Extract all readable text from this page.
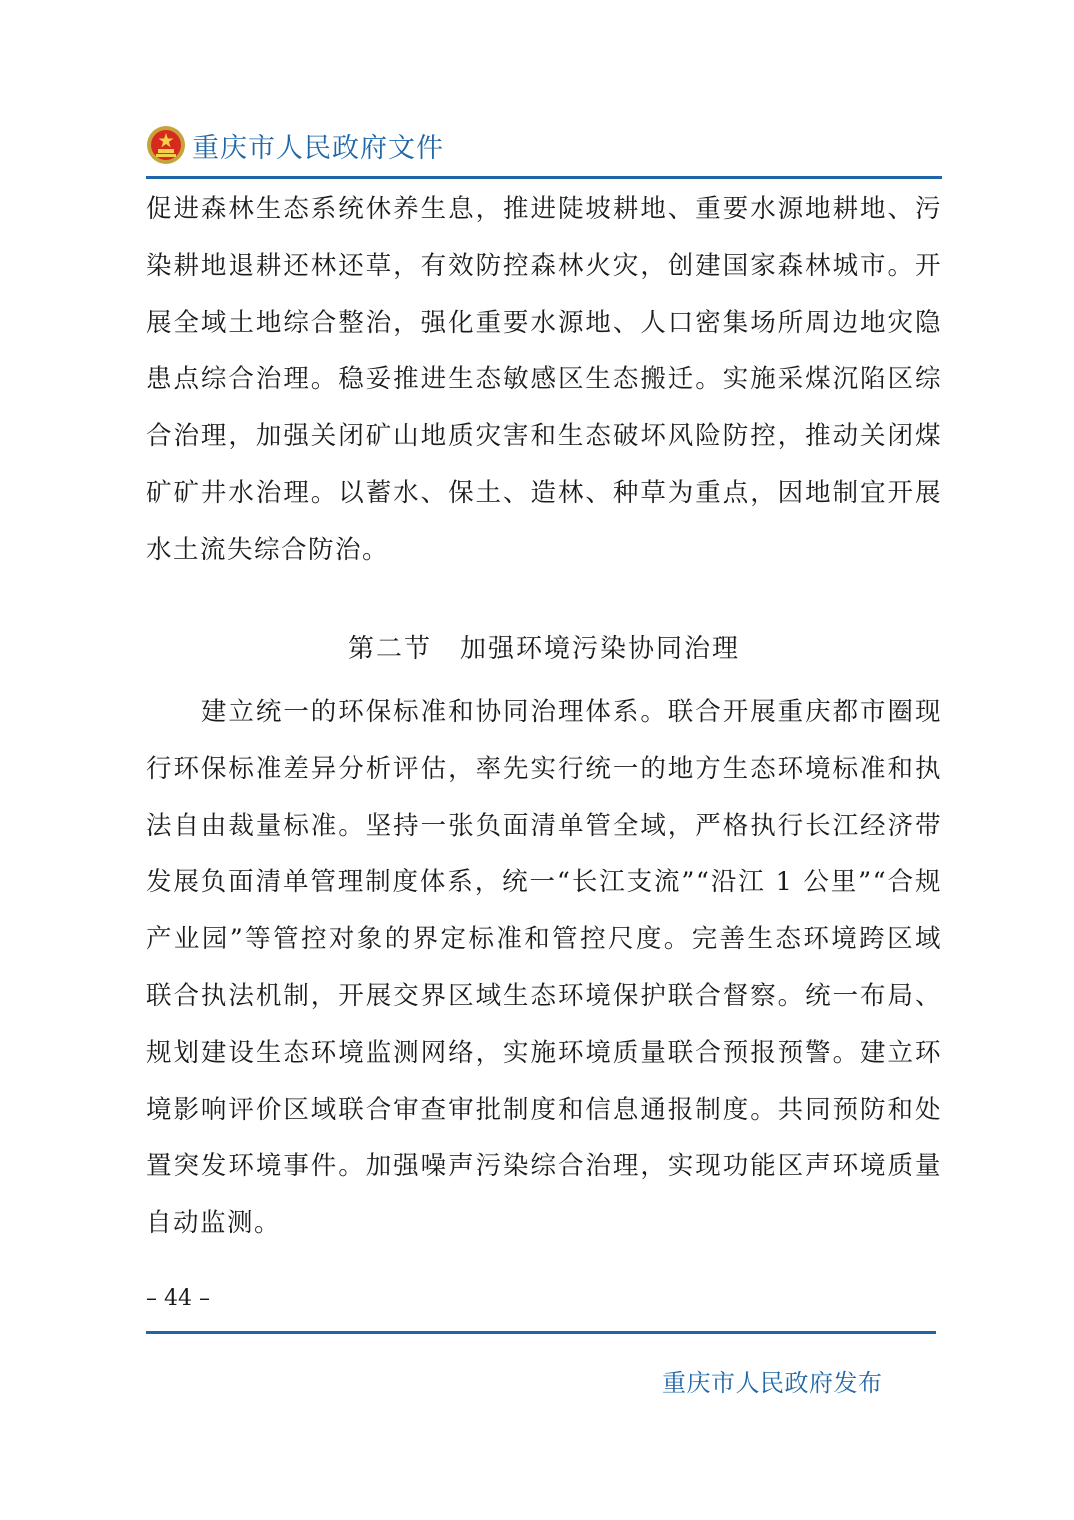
重庆市人民政府文件

促进森林生态系统休养生息，推进陡坡耕地、重要水源地耕地、污染耕地退耕还林还草，有效防控森林火灾，创建国家森林城市。开展全域土地综合整治，强化重要水源地、人口密集场所周边地灾隐患点综合治理。稳妥推进生态敏感区生态搬迁。实施采煤沉陷区综合治理，加强关闭矿山地质灾害和生态破坏风险防控，推动关闭煤矿矿井水治理。以蓄水、保土、造林、种草为重点，因地制宜开展水土流失综合防治。

第二节　加强环境污染协同治理

　　建立统一的环保标准和协同治理体系。联合开展重庆都市圈现行环保标准差异分析评估，率先实行统一的地方生态环境标准和执法自由裁量标准。坚持一张负面清单管全域，严格执行长江经济带发展负面清单管理制度体系，统一“长江支流”“沿江 1 公里”“合规产业园”等管控对象的界定标准和管控尺度。完善生态环境跨区域联合执法机制，开展交界区域生态环境保护联合督察。统一布局、规划建设生态环境监测网络，实施环境质量联合预报预警。建立环境影响评价区域联合审查审批制度和信息通报制度。共同预防和处置突发环境事件。加强噪声污染综合治理，实现功能区声环境质量自动监测。

– 44 –
重庆市人民政府发布
